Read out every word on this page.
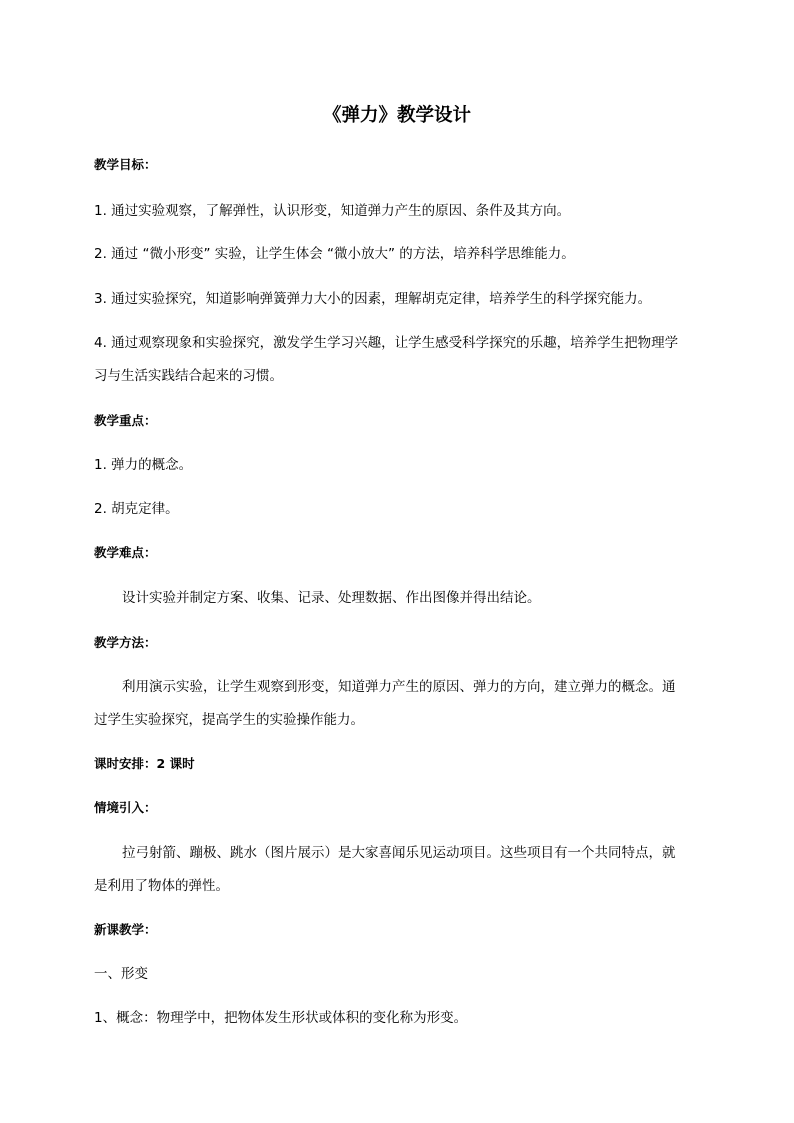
《弹力》教学设计
教学目标：
1. 通过实验观察，了解弹性，认识形变，知道弹力产生的原因、条件及其方向。
2. 通过 “微小形变” 实验，让学生体会 “微小放大” 的方法，培养科学思维能力。
3. 通过实验探究，知道影响弹簧弹力大小的因素，理解胡克定律，培养学生的科学探究能力。
4. 通过观察现象和实验探究，激发学生学习兴趣，让学生感受科学探究的乐趣，培养学生把物理学
习与生活实践结合起来的习惯。
教学重点：
1. 弹力的概念。
2. 胡克定律。
教学难点：
设计实验并制定方案、收集、记录、处理数据、作出图像并得出结论。
教学方法：
利用演示实验，让学生观察到形变，知道弹力产生的原因、弹力的方向，建立弹力的概念。通
过学生实验探究，提高学生的实验操作能力。
课时安排：2 课时
情境引入：
拉弓射箭、蹦极、跳水（图片展示）是大家喜闻乐见运动项目。这些项目有一个共同特点，就
是利用了物体的弹性。
新课教学：
一、形变
1、概念：物理学中，把物体发生形状或体积的变化称为形变。
